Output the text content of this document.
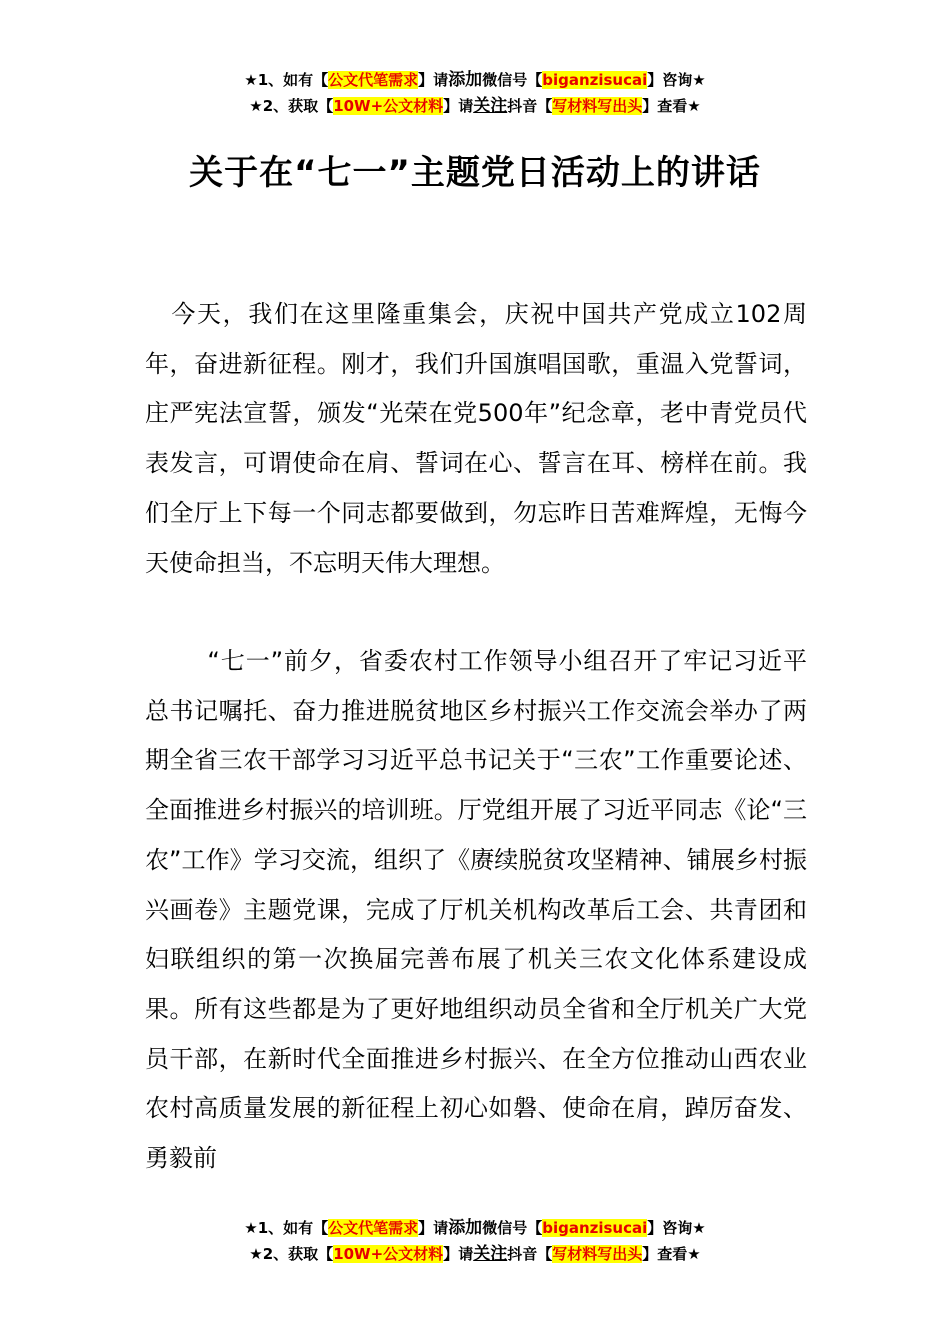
★1、如有【公文代笔需求】请添加微信号【biganzisucai】咨询★
★2、获取【10W+公文材料】请关注抖音【写材料写出头】查看★
关于在“七一”主题党日活动上的讲话

今天，我们在这里隆重集会，庆祝中国共产党成立102周年，奋进新征程。刚才，我们升国旗唱国歌，重温入党誓词，庄严宪法宣誓，颁发“光荣在党500年”纪念章，老中青党员代表发言，可谓使命在肩、誓词在心、誓言在耳、榜样在前。我们全厅上下每一个同志都要做到，勿忘昨日苦难辉煌，无悔今天使命担当，不忘明天伟大理想。

“七一”前夕，省委农村工作领导小组召开了牢记习近平总书记嘱托、奋力推进脱贫地区乡村振兴工作交流会举办了两期全省三农干部学习习近平总书记关于“三农”工作重要论述、全面推进乡村振兴的培训班。厅党组开展了习近平同志《论“三农”工作》学习交流，组织了《赓续脱贫攻坚精神、铺展乡村振兴画卷》主题党课，完成了厅机关机构改革后工会、共青团和妇联组织的第一次换届完善布展了机关三农文化体系建设成果。所有这些都是为了更好地组织动员全省和全厅机关广大党员干部，在新时代全面推进乡村振兴、在全方位推动山西农业农村高质量发展的新征程上初心如磐、使命在肩，踔厉奋发、勇毅前

★1、如有【公文代笔需求】请添加微信号【biganzisucai】咨询★
★2、获取【10W+公文材料】请关注抖音【写材料写出头】查看★
